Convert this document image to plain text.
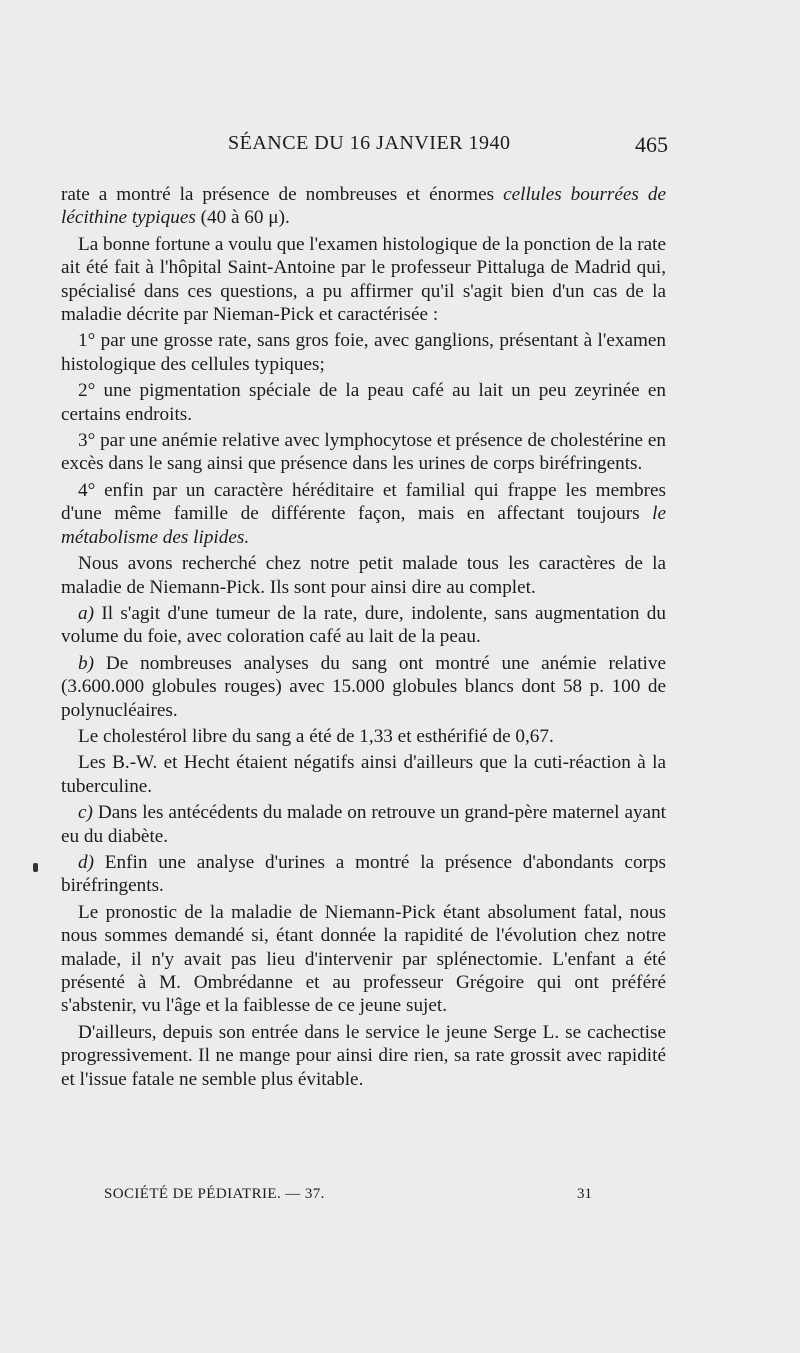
SÉANCE DU 16 JANVIER 1940	465

rate a montré la présence de nombreuses et énormes cellules bourrées de lécithine typiques (40 à 60 μ).

La bonne fortune a voulu que l'examen histologique de la ponction de la rate ait été fait à l'hôpital Saint-Antoine par le professeur Pittaluga de Madrid qui, spécialisé dans ces questions, a pu affirmer qu'il s'agit bien d'un cas de la maladie décrite par Nieman-Pick et caractérisée :

1° par une grosse rate, sans gros foie, avec ganglions, présentant à l'examen histologique des cellules typiques;

2° une pigmentation spéciale de la peau café au lait un peu zeyrinée en certains endroits.

3° par une anémie relative avec lymphocytose et présence de cholestérine en excès dans le sang ainsi que présence dans les urines de corps biréfringents.

4° enfin par un caractère héréditaire et familial qui frappe les membres d'une même famille de différente façon, mais en affectant toujours le métabolisme des lipides.

Nous avons recherché chez notre petit malade tous les caractères de la maladie de Niemann-Pick. Ils sont pour ainsi dire au complet.

a) Il s'agit d'une tumeur de la rate, dure, indolente, sans augmentation du volume du foie, avec coloration café au lait de la peau.

b) De nombreuses analyses du sang ont montré une anémie relative (3.600.000 globules rouges) avec 15.000 globules blancs dont 58 p. 100 de polynucléaires.

Le cholestérol libre du sang a été de 1,33 et esthérifié de 0,67.

Les B.-W. et Hecht étaient négatifs ainsi d'ailleurs que la cuti-réaction à la tuberculine.

c) Dans les antécédents du malade on retrouve un grand-père maternel ayant eu du diabète.

d) Enfin une analyse d'urines a montré la présence d'abondants corps biréfringents.

Le pronostic de la maladie de Niemann-Pick étant absolument fatal, nous nous sommes demandé si, étant donnée la rapidité de l'évolution chez notre malade, il n'y avait pas lieu d'intervenir par splénectomie. L'enfant a été présenté à M. Ombrédanne et au professeur Grégoire qui ont préféré s'abstenir, vu l'âge et la faiblesse de ce jeune sujet.

D'ailleurs, depuis son entrée dans le service le jeune Serge L. se cachectise progressivement. Il ne mange pour ainsi dire rien, sa rate grossit avec rapidité et l'issue fatale ne semble plus évitable.

SOCIÉTÉ DE PÉDIATRIE. — 37.	31
